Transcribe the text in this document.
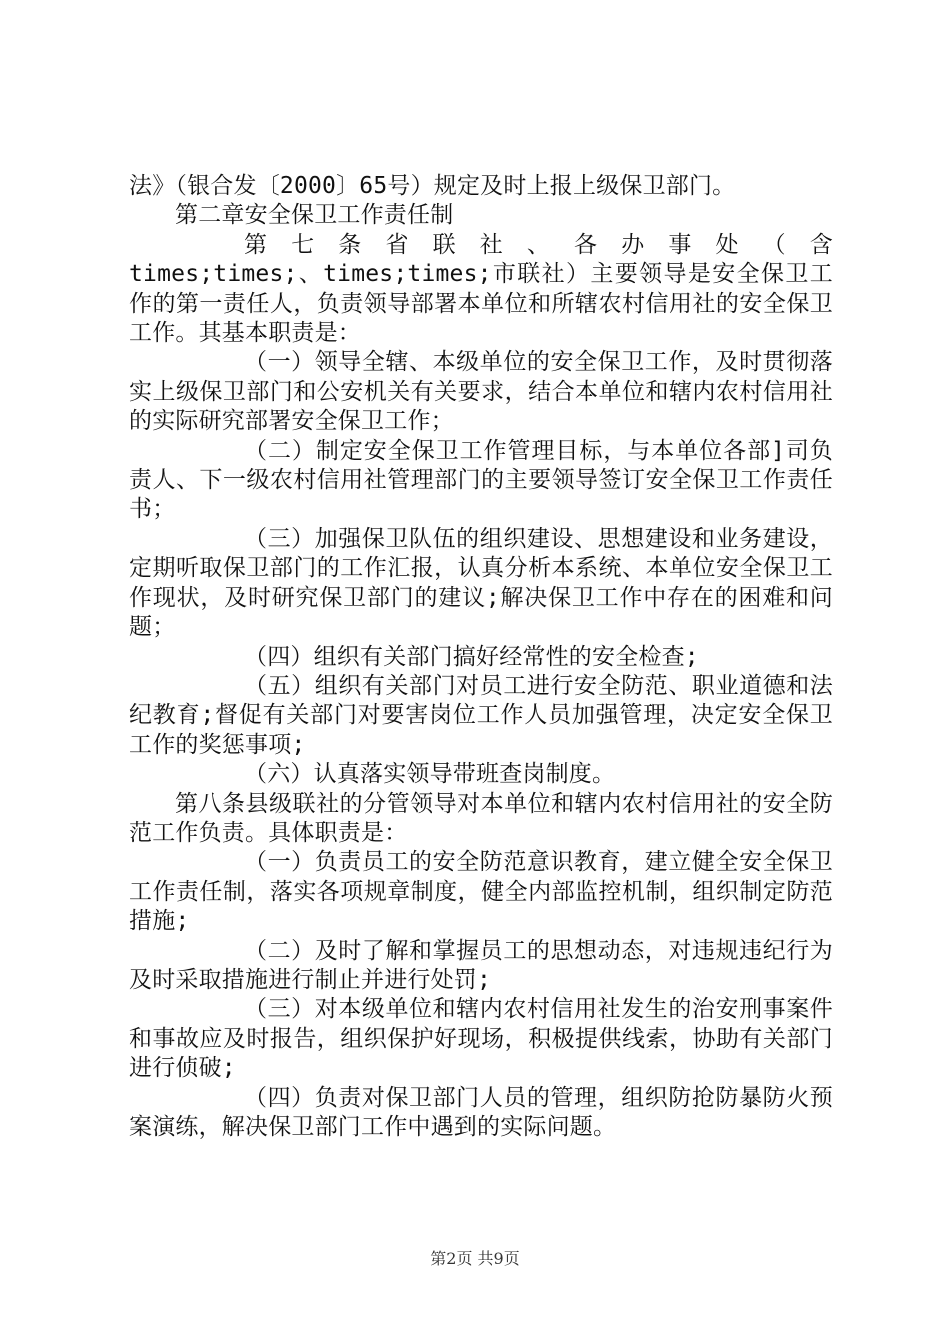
法》（银合发〔2000〕65号）规定及时上报上级保卫部门。

第二章安全保卫工作责任制

第七条省联社、各办事处（含

times;times;、times;times;市联社）主要领导是安全保卫工作的第一责任人，负责领导部署本单位和所辖农村信用社的安全保卫工作。其基本职责是：

（一）领导全辖、本级单位的安全保卫工作，及时贯彻落实上级保卫部门和公安机关有关要求，结合本单位和辖内农村信用社的实际研究部署安全保卫工作；

（二）制定安全保卫工作管理目标，与本单位各部]司负责人、下一级农村信用社管理部门的主要领导签订安全保卫工作责任书；

（三）加强保卫队伍的组织建设、思想建设和业务建设，定期听取保卫部门的工作汇报，认真分析本系统、本单位安全保卫工作现状，及时研究保卫部门的建议;解决保卫工作中存在的困难和问题；

（四）组织有关部门搞好经常性的安全检查;

（五）组织有关部门对员工进行安全防范、职业道德和法纪教育;督促有关部门对要害岗位工作人员加强管理，决定安全保卫工作的奖惩事项;

（六）认真落实领导带班查岗制度。

第八条县级联社的分管领导对本单位和辖内农村信用社的安全防范工作负责。具体职责是：

（一）负责员工的安全防范意识教育，建立健全安全保卫工作责任制，落实各项规章制度，健全内部监控机制，组织制定防范措施;

（二）及时了解和掌握员工的思想动态，对违规违纪行为及时采取措施进行制止并进行处罚;

（三）对本级单位和辖内农村信用社发生的治安刑事案件和事故应及时报告，组织保护好现场，积极提供线索，协助有关部门进行侦破;

（四）负责对保卫部门人员的管理，组织防抢防暴防火预案演练，解决保卫部门工作中遇到的实际问题。

第2页 共9页
